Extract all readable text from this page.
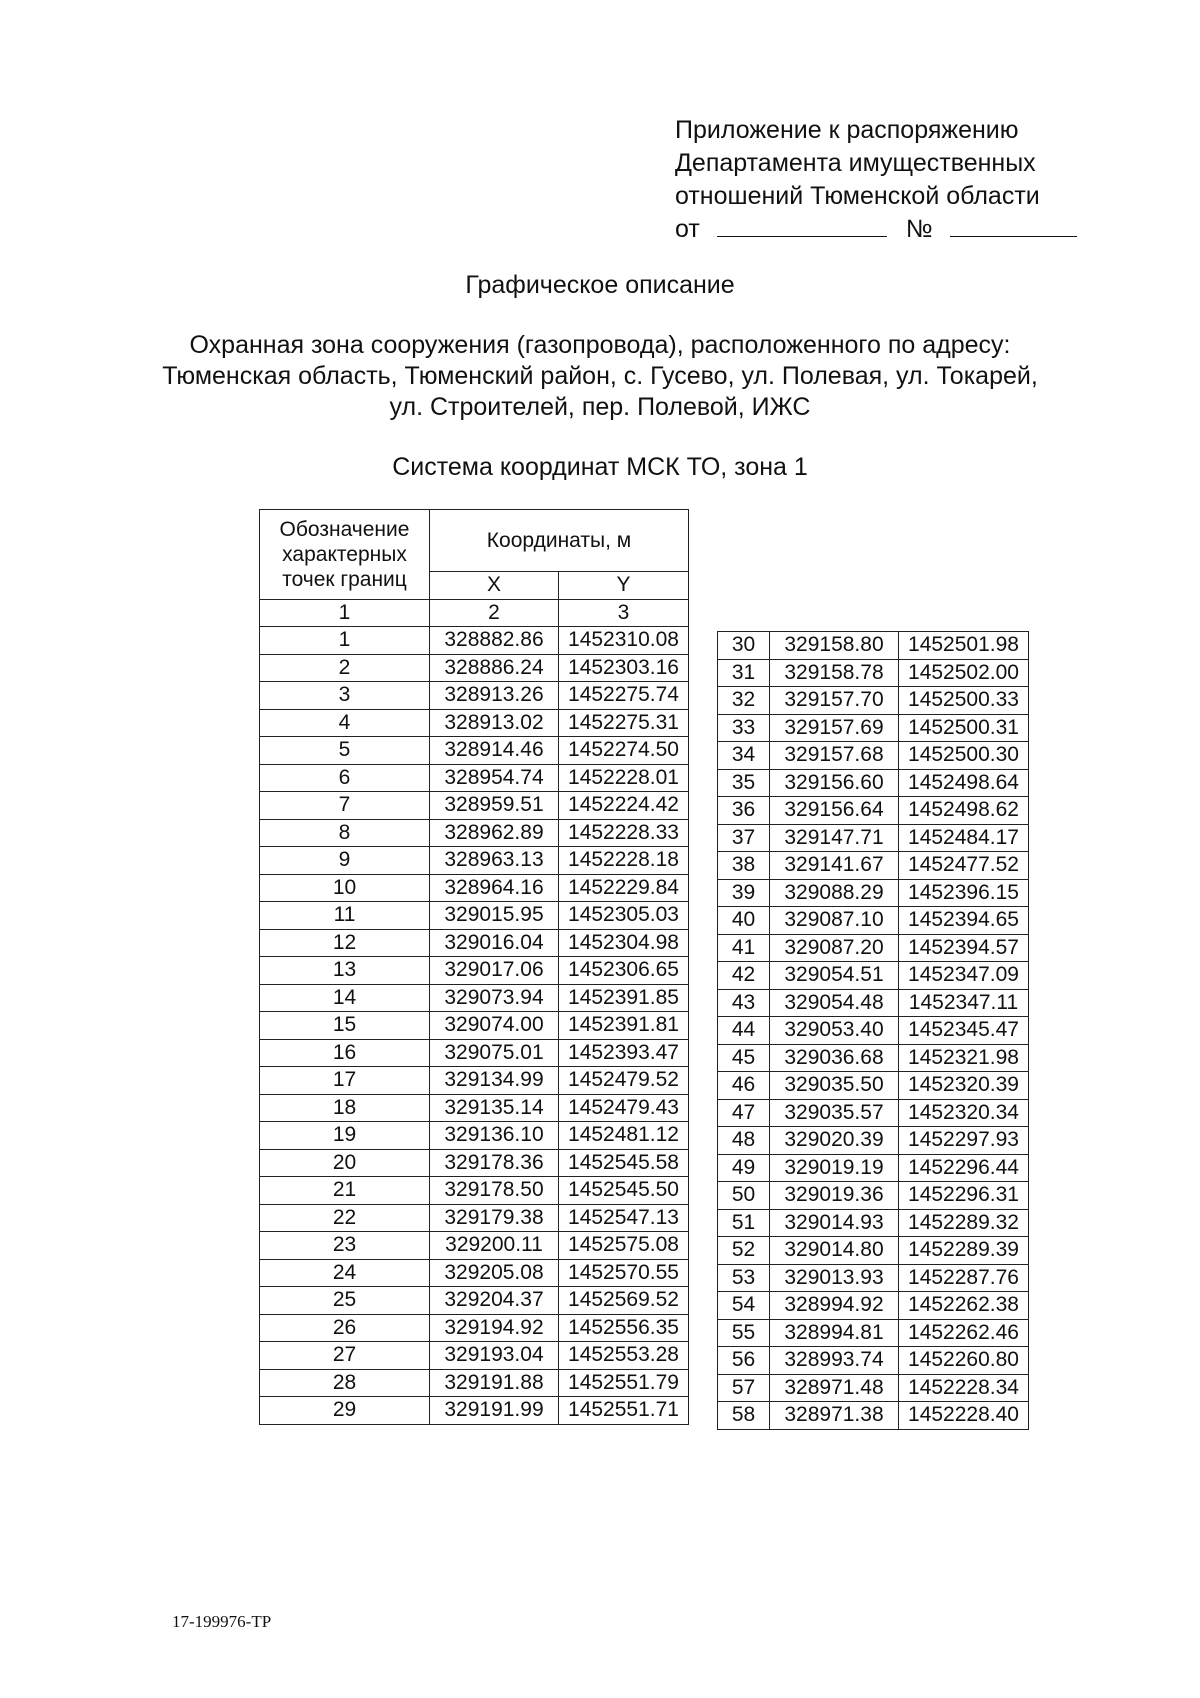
Приложение к распоряжению
Департамента имущественных
отношений Тюменской области
от	№
Графическое описание
Охранная зона сооружения (газопровода), расположенного по адресу:
Тюменская область, Тюменский район, с. Гусево, ул. Полевая, ул. Токарей,
ул. Строителей, пер. Полевой, ИЖС
Система координат МСК ТО, зона 1
Обозначение характерных точек границ	Координаты, м	
	X	Y
1	2	3
1	328882.86	1452310.08
2	328886.24	1452303.16
3	328913.26	1452275.74
4	328913.02	1452275.31
5	328914.46	1452274.50
6	328954.74	1452228.01
7	328959.51	1452224.42
8	328962.89	1452228.33
9	328963.13	1452228.18
10	328964.16	1452229.84
11	329015.95	1452305.03
12	329016.04	1452304.98
13	329017.06	1452306.65
14	329073.94	1452391.85
15	329074.00	1452391.81
16	329075.01	1452393.47
17	329134.99	1452479.52
18	329135.14	1452479.43
19	329136.10	1452481.12
20	329178.36	1452545.58
21	329178.50	1452545.50
22	329179.38	1452547.13
23	329200.11	1452575.08
24	329205.08	1452570.55
25	329204.37	1452569.52
26	329194.92	1452556.35
27	329193.04	1452553.28
28	329191.88	1452551.79
29	329191.99	1452551.71
30	329158.80	1452501.98
31	329158.78	1452502.00
32	329157.70	1452500.33
33	329157.69	1452500.31
34	329157.68	1452500.30
35	329156.60	1452498.64
36	329156.64	1452498.62
37	329147.71	1452484.17
38	329141.67	1452477.52
39	329088.29	1452396.15
40	329087.10	1452394.65
41	329087.20	1452394.57
42	329054.51	1452347.09
43	329054.48	1452347.11
44	329053.40	1452345.47
45	329036.68	1452321.98
46	329035.50	1452320.39
47	329035.57	1452320.34
48	329020.39	1452297.93
49	329019.19	1452296.44
50	329019.36	1452296.31
51	329014.93	1452289.32
52	329014.80	1452289.39
53	329013.93	1452287.76
54	328994.92	1452262.38
55	328994.81	1452262.46
56	328993.74	1452260.80
57	328971.48	1452228.34
58	328971.38	1452228.40
17-199976-ТР
